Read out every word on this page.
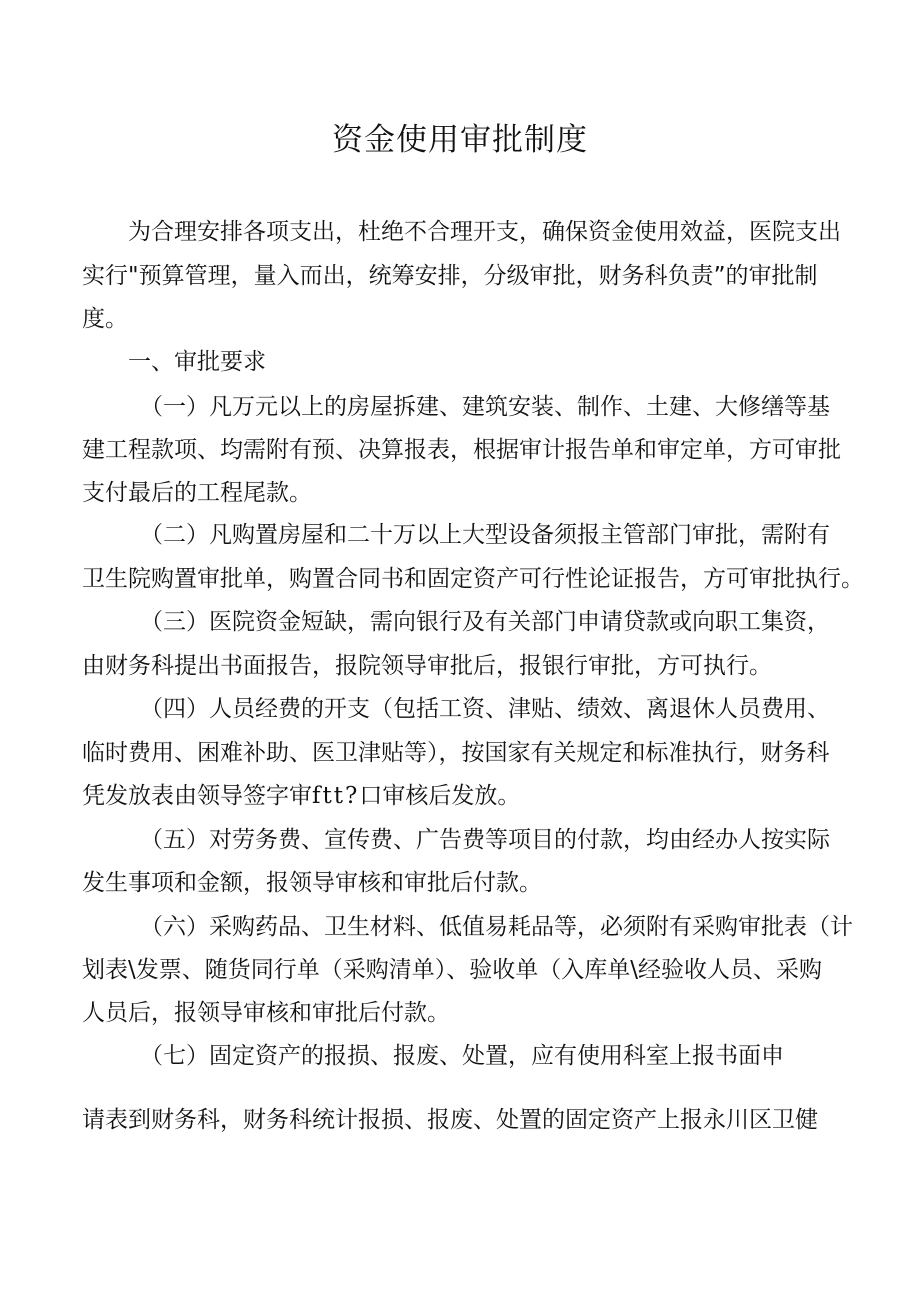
资金使用审批制度

为合理安排各项支出，杜绝不合理开支，确保资金使用效益，医院支出

实行"预算管理，量入而出，统筹安排，分级审批，财务科负责”的审批制

度。

一、审批要求

（一）凡万元以上的房屋拆建、建筑安装、制作、土建、大修缮等基

建工程款项、均需附有预、决算报表，根据审计报告单和审定单，方可审批

支付最后的工程尾款。

（二）凡购置房屋和二十万以上大型设备须报主管部门审批，需附有

卫生院购置审批单，购置合同书和固定资产可行性论证报告，方可审批执行。

（三）医院资金短缺，需向银行及有关部门申请贷款或向职工集资，

由财务科提出书面报告，报院领导审批后，报银行审批，方可执行。

（四）人员经费的开支（包括工资、津贴、绩效、离退休人员费用、

临时费用、困难补助、医卫津贴等），按国家有关规定和标准执行，财务科

凭发放表由领导签字审ftt?口审核后发放。

（五）对劳务费、宣传费、广告费等项目的付款，均由经办人按实际

发生事项和金额，报领导审核和审批后付款。

（六）采购药品、卫生材料、低值易耗品等，必须附有采购审批表（计

划表\发票、随货同行单（采购清单）、验收单（入库单\经验收人员、采购

人员后，报领导审核和审批后付款。

（七）固定资产的报损、报废、处置，应有使用科室上报书面申

请表到财务科，财务科统计报损、报废、处置的固定资产上报永川区卫健
